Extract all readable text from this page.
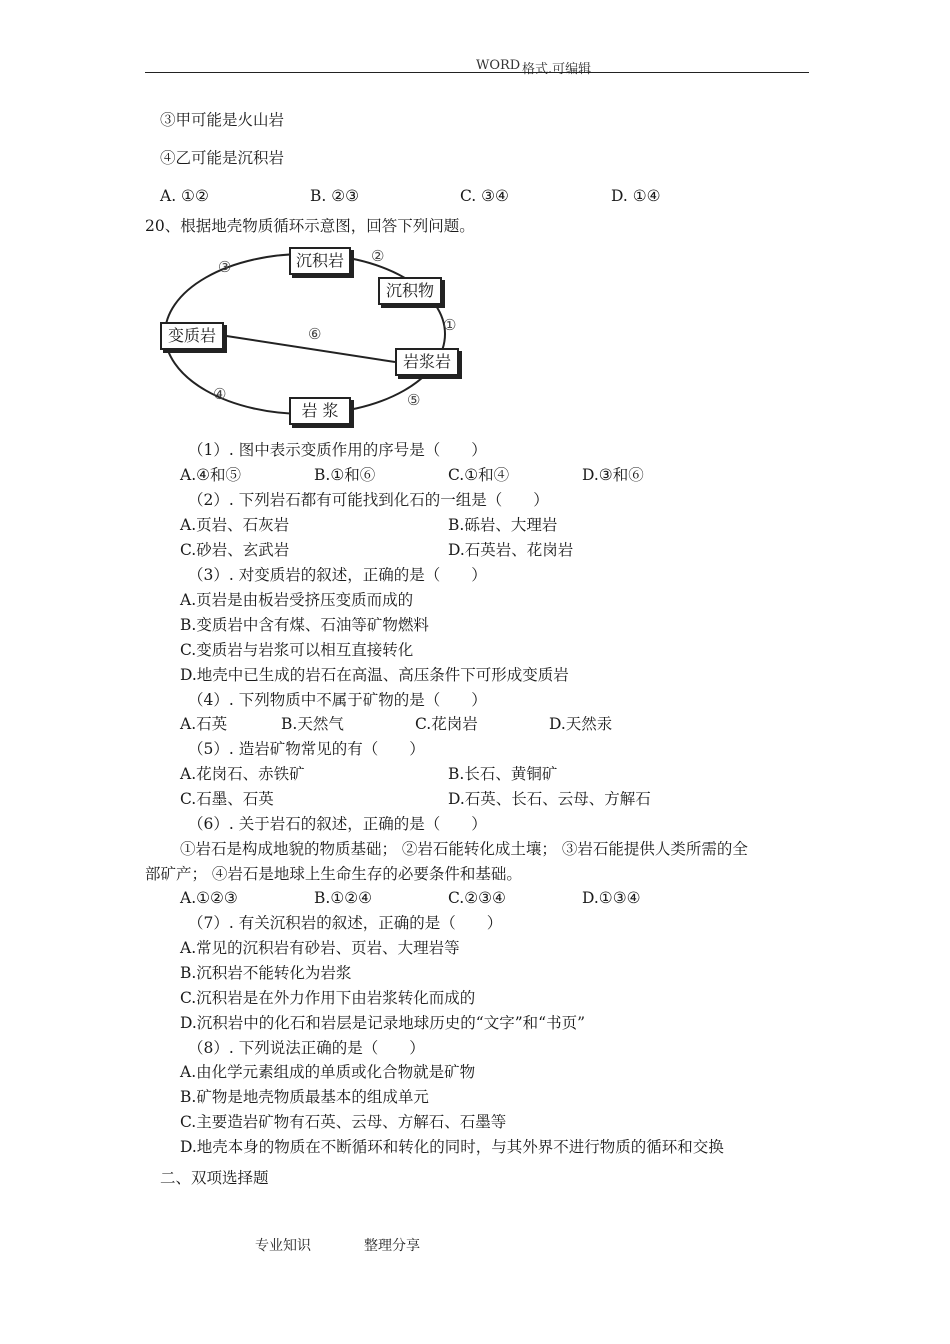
WORD 格式.可编辑
③甲可能是火山岩
④乙可能是沉积岩
A. ①②	B. ②③	C. ③④	D. ①④
20、根据地壳物质循环示意图，回答下列问题。
沉积岩
沉积物
变质岩
岩浆岩
岩 浆
③
②
①
⑥
④	⑤
（1）. 图中表示变质作用的序号是（　　）
A.④和⑤	B.①和⑥	C.①和④	D.③和⑥
（2）. 下列岩石都有可能找到化石的一组是（　　）
A.页岩、石灰岩	B.砾岩、大理岩
C.砂岩、玄武岩	D.石英岩、花岗岩
（3）. 对变质岩的叙述，正确的是（　　）
A.页岩是由板岩受挤压变质而成的
B.变质岩中含有煤、石油等矿物燃料
C.变质岩与岩浆可以相互直接转化
D.地壳中已生成的岩石在高温、高压条件下可形成变质岩
（4）. 下列物质中不属于矿物的是（　　）
A.石英	B.天然气	C.花岗岩	D.天然汞
（5）. 造岩矿物常见的有（　　）
A.花岗石、赤铁矿	B.长石、黄铜矿
C.石墨、石英	D.石英、长石、云母、方解石
（6）. 关于岩石的叙述，正确的是（　　）
①岩石是构成地貌的物质基础； ②岩石能转化成土壤； ③岩石能提供人类所需的全
部矿产； ④岩石是地球上生命生存的必要条件和基础。
A.①②③	B.①②④	C.②③④	D.①③④
（7）. 有关沉积岩的叙述，正确的是（　　）
A.常见的沉积岩有砂岩、页岩、大理岩等
B.沉积岩不能转化为岩浆
C.沉积岩是在外力作用下由岩浆转化而成的
D.沉积岩中的化石和岩层是记录地球历史的“文字”和“书页”
（8）. 下列说法正确的是（　　）
A.由化学元素组成的单质或化合物就是矿物
B.矿物是地壳物质最基本的组成单元
C.主要造岩矿物有石英、云母、方解石、石墨等
D.地壳本身的物质在不断循环和转化的同时，与其外界不进行物质的循环和交换
二、双项选择题
专业知识	整理分享
